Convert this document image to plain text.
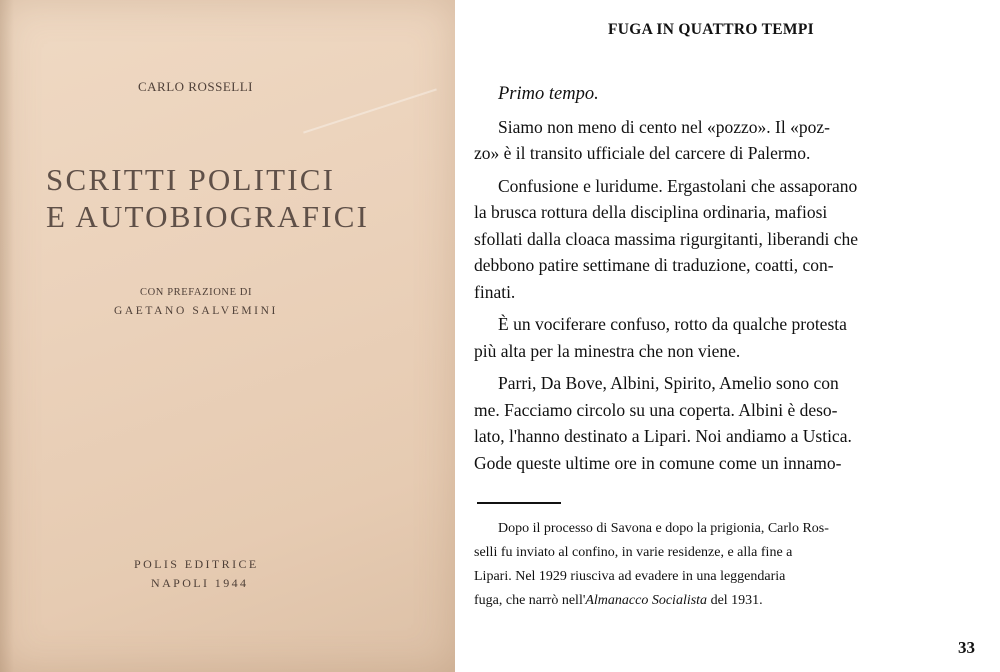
CARLO ROSSELLI
SCRITTI POLITICI
E AUTOBIOGRAFICI
CON PREFAZIONE DI
GAETANO SALVEMINI
POLIS EDITRICE
NAPOLI 1944
FUGA IN QUATTRO TEMPI
Primo tempo.
Siamo non meno di cento nel «pozzo». Il «poz-
zo» è il transito ufficiale del carcere di Palermo.
Confusione e luridume. Ergastolani che assaporano
la brusca rottura della disciplina ordinaria, mafiosi
sfollati dalla cloaca massima rigurgitanti, liberandi che
debbono patire settimane di traduzione, coatti, con-
finati.
È un vociferare confuso, rotto da qualche protesta
più alta per la minestra che non viene.
Parri, Da Bove, Albini, Spirito, Amelio sono con
me. Facciamo circolo su una coperta. Albini è deso-
lato, l'hanno destinato a Lipari. Noi andiamo a Ustica.
Gode queste ultime ore in comune come un innamo-
Dopo il processo di Savona e dopo la prigionia, Carlo Ros-
selli fu inviato al confino, in varie residenze, e alla fine a
Lipari. Nel 1929 riusciva ad evadere in una leggendaria
fuga, che narrò nell' Almanacco Socialista del 1931.
33
